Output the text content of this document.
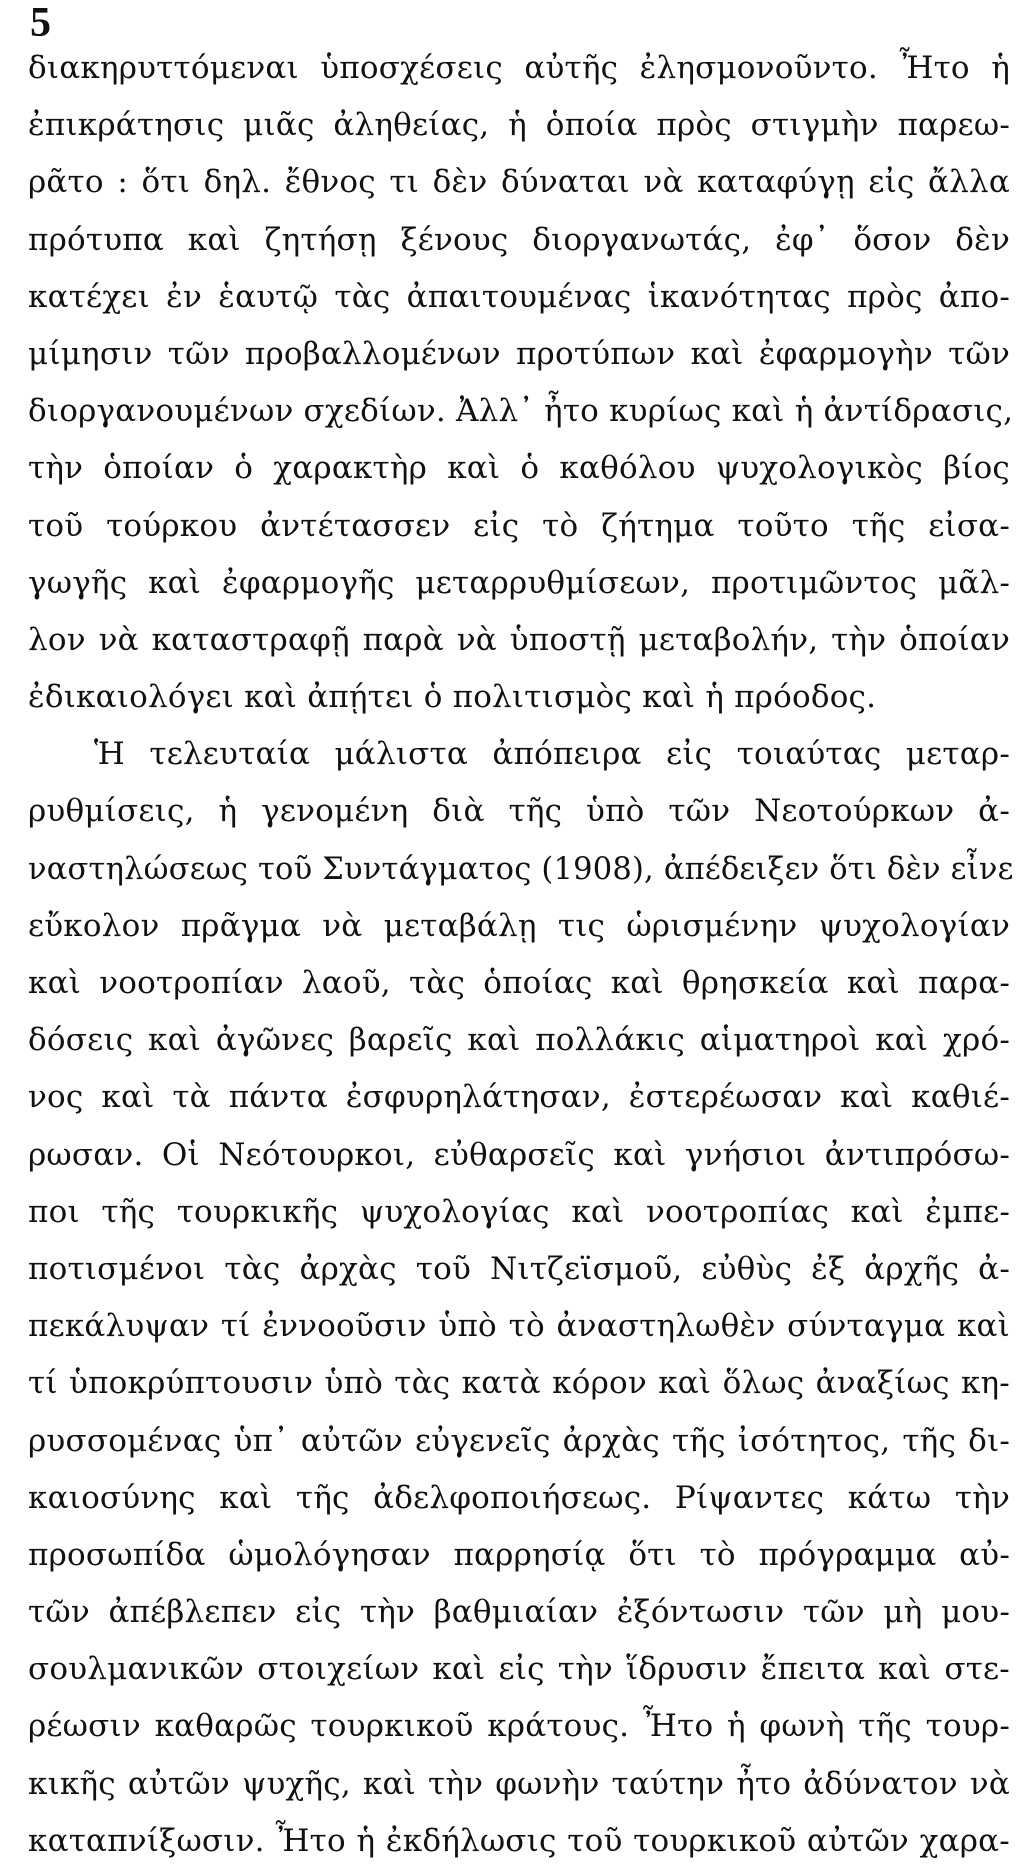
5
διακηρυττόμεναι ὑποσχέσεις αὐτῆς ἐλησμονοῦντο. Ἦτο ἡ
ἐπικράτησις μιᾶς ἀληθείας, ἡ ὁποία πρὸς στιγμὴν παρεω-
ρᾶτο : ὅτι δηλ. ἔθνος τι δὲν δύναται νὰ καταφύγῃ εἰς ἄλλα
πρότυπα καὶ ζητήσῃ ξένους διοργανωτάς, ἐφ᾽ ὅσον δὲν
κατέχει ἐν ἑαυτῷ τὰς ἀπαιτουμένας ἱκανότητας πρὸς ἀπο-
μίμησιν τῶν προβαλλομένων προτύπων καὶ ἐφαρμογὴν τῶν
διοργανουμένων σχεδίων. Ἀλλ᾽ ἦτο κυρίως καὶ ἡ ἀντίδρασις,
τὴν ὁποίαν ὁ χαρακτὴρ καὶ ὁ καθόλου ψυχολογικὸς βίος
τοῦ τούρκου ἀντέτασσεν εἰς τὸ ζήτημα τοῦτο τῆς εἰσα-
γωγῆς καὶ ἐφαρμογῆς μεταρρυθμίσεων, προτιμῶντος μᾶλ-
λον νὰ καταστραφῇ παρὰ νὰ ὑποστῇ μεταβολήν, τὴν ὁποίαν
ἐδικαιολόγει καὶ ἀπῄτει ὁ πολιτισμὸς καὶ ἡ πρόοδος.
Ἡ τελευταία μάλιστα ἀπόπειρα εἰς τοιαύτας μεταρ-
ρυθμίσεις, ἡ γενομένη διὰ τῆς ὑπὸ τῶν Νεοτούρκων ἀ-
ναστηλώσεως τοῦ Συντάγματος (1908), ἀπέδειξεν ὅτι δὲν εἶνε
εὔκολον πρᾶγμα νὰ μεταβάλῃ τις ὡρισμένην ψυχολογίαν
καὶ νοοτροπίαν λαοῦ, τὰς ὁποίας καὶ θρησκεία καὶ παρα-
δόσεις καὶ ἀγῶνες βαρεῖς καὶ πολλάκις αἱματηροὶ καὶ χρό-
νος καὶ τὰ πάντα ἐσφυρηλάτησαν, ἐστερέωσαν καὶ καθιέ-
ρωσαν. Οἱ Νεότουρκοι, εὐθαρσεῖς καὶ γνήσιοι ἀντιπρόσω-
ποι τῆς τουρκικῆς ψυχολογίας καὶ νοοτροπίας καὶ ἐμπε-
ποτισμένοι τὰς ἀρχὰς τοῦ Νιτζεϊσμοῦ, εὐθὺς ἐξ ἀρχῆς ἀ-
πεκάλυψαν τί ἐννοοῦσιν ὑπὸ τὸ ἀναστηλωθὲν σύνταγμα καὶ
τί ὑποκρύπτουσιν ὑπὸ τὰς κατὰ κόρον καὶ ὅλως ἀναξίως κη-
ρυσσομένας ὑπ᾽ αὐτῶν εὐγενεῖς ἀρχὰς τῆς ἰσότητος, τῆς δι-
καιοσύνης καὶ τῆς ἀδελφοποιήσεως. Ρίψαντες κάτω τὴν
προσωπίδα ὡμολόγησαν παρρησίᾳ ὅτι τὸ πρόγραμμα αὐ-
τῶν ἀπέβλεπεν εἰς τὴν βαθμιαίαν ἐξόντωσιν τῶν μὴ μου-
σουλμανικῶν στοιχείων καὶ εἰς τὴν ἵδρυσιν ἔπειτα καὶ στε-
ρέωσιν καθαρῶς τουρκικοῦ κράτους. Ἦτο ἡ φωνὴ τῆς τουρ-
κικῆς αὐτῶν ψυχῆς, καὶ τὴν φωνὴν ταύτην ἦτο ἀδύνατον νὰ
καταπνίξωσιν. Ἦτο ἡ ἐκδήλωσις τοῦ τουρκικοῦ αὐτῶν χαρα-
